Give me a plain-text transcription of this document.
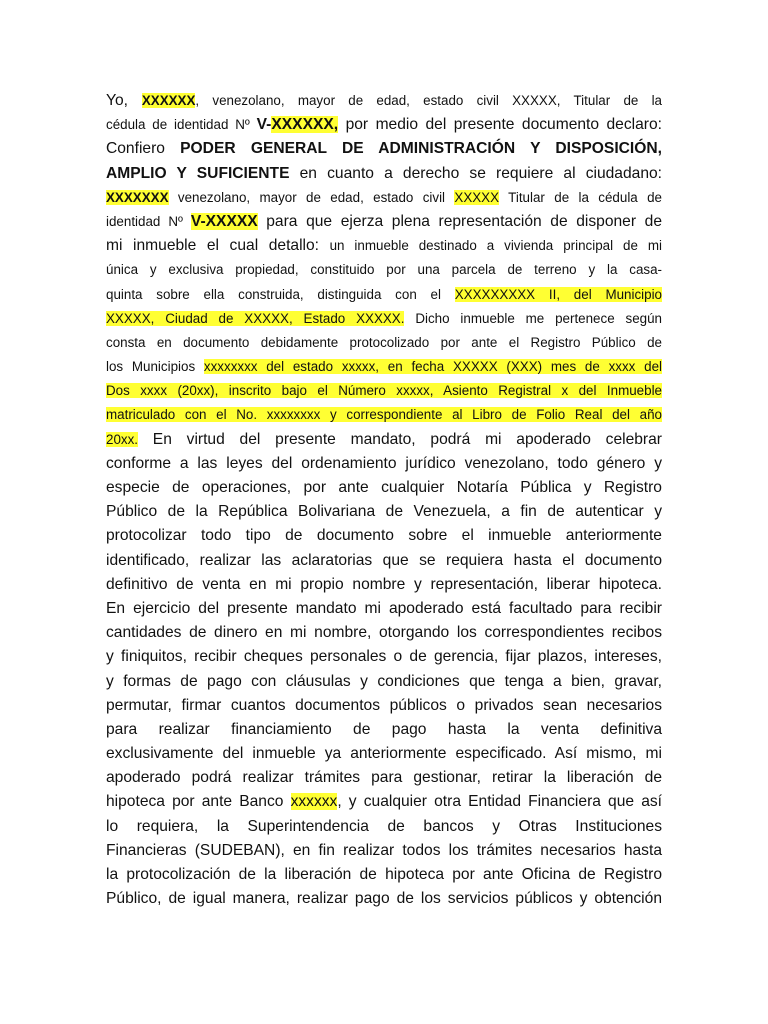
Yo, XXXXXX, venezolano, mayor de edad, estado civil XXXXX, Titular de la
cédula de identidad Nº V-XXXXXX, por medio del presente documento declaro:
Confiero PODER GENERAL DE ADMINISTRACIÓN Y DISPOSICIÓN,
AMPLIO Y SUFICIENTE en cuanto a derecho se requiere al ciudadano:
XXXXXXX venezolano, mayor de edad, estado civil XXXXX Titular de la cédula de
identidad Nº V-XXXXX para que ejerza plena representación de disponer de
mi inmueble el cual detallo: un inmueble destinado a vivienda principal de mi
única y exclusiva propiedad, constituido por una parcela de terreno y la casa-
quinta sobre ella construida, distinguida con el XXXXXXXXX II, del Municipio
XXXXX, Ciudad de XXXXX, Estado XXXXX. Dicho inmueble me pertenece según
consta en documento debidamente protocolizado por ante el Registro Público de
los Municipios xxxxxxxx del estado xxxxx, en fecha XXXXX (XXX) mes de xxxx del
Dos xxxx (20xx), inscrito bajo el Número xxxxx, Asiento Registral x del Inmueble
matriculado con el No. xxxxxxxx y correspondiente al Libro de Folio Real del año
20xx. En virtud del presente mandato, podrá mi apoderado celebrar
conforme a las leyes del ordenamiento jurídico venezolano, todo género y
especie de operaciones, por ante cualquier Notaría Pública y Registro
Público de la República Bolivariana de Venezuela, a fin de autenticar y
protocolizar todo tipo de documento sobre el inmueble anteriormente
identificado, realizar las aclaratorias que se requiera hasta el documento
definitivo de venta en mi propio nombre y representación, liberar hipoteca.
En ejercicio del presente mandato mi apoderado está facultado para recibir
cantidades de dinero en mi nombre, otorgando los correspondientes recibos
y finiquitos, recibir cheques personales o de gerencia, fijar plazos, intereses,
y formas de pago con cláusulas y condiciones que tenga a bien, gravar,
permutar, firmar cuantos documentos públicos o privados sean necesarios
para realizar financiamiento de pago hasta la venta definitiva
exclusivamente del inmueble ya anteriormente especificado. Así mismo, mi
apoderado podrá realizar trámites para gestionar, retirar la liberación de
hipoteca por ante Banco xxxxxx, y cualquier otra Entidad Financiera que así
lo requiera, la Superintendencia de bancos y Otras Instituciones
Financieras (SUDEBAN), en fin realizar todos los trámites necesarios hasta
la protocolización de la liberación de hipoteca por ante Oficina de Registro
Público, de igual manera, realizar pago de los servicios públicos y obtención
